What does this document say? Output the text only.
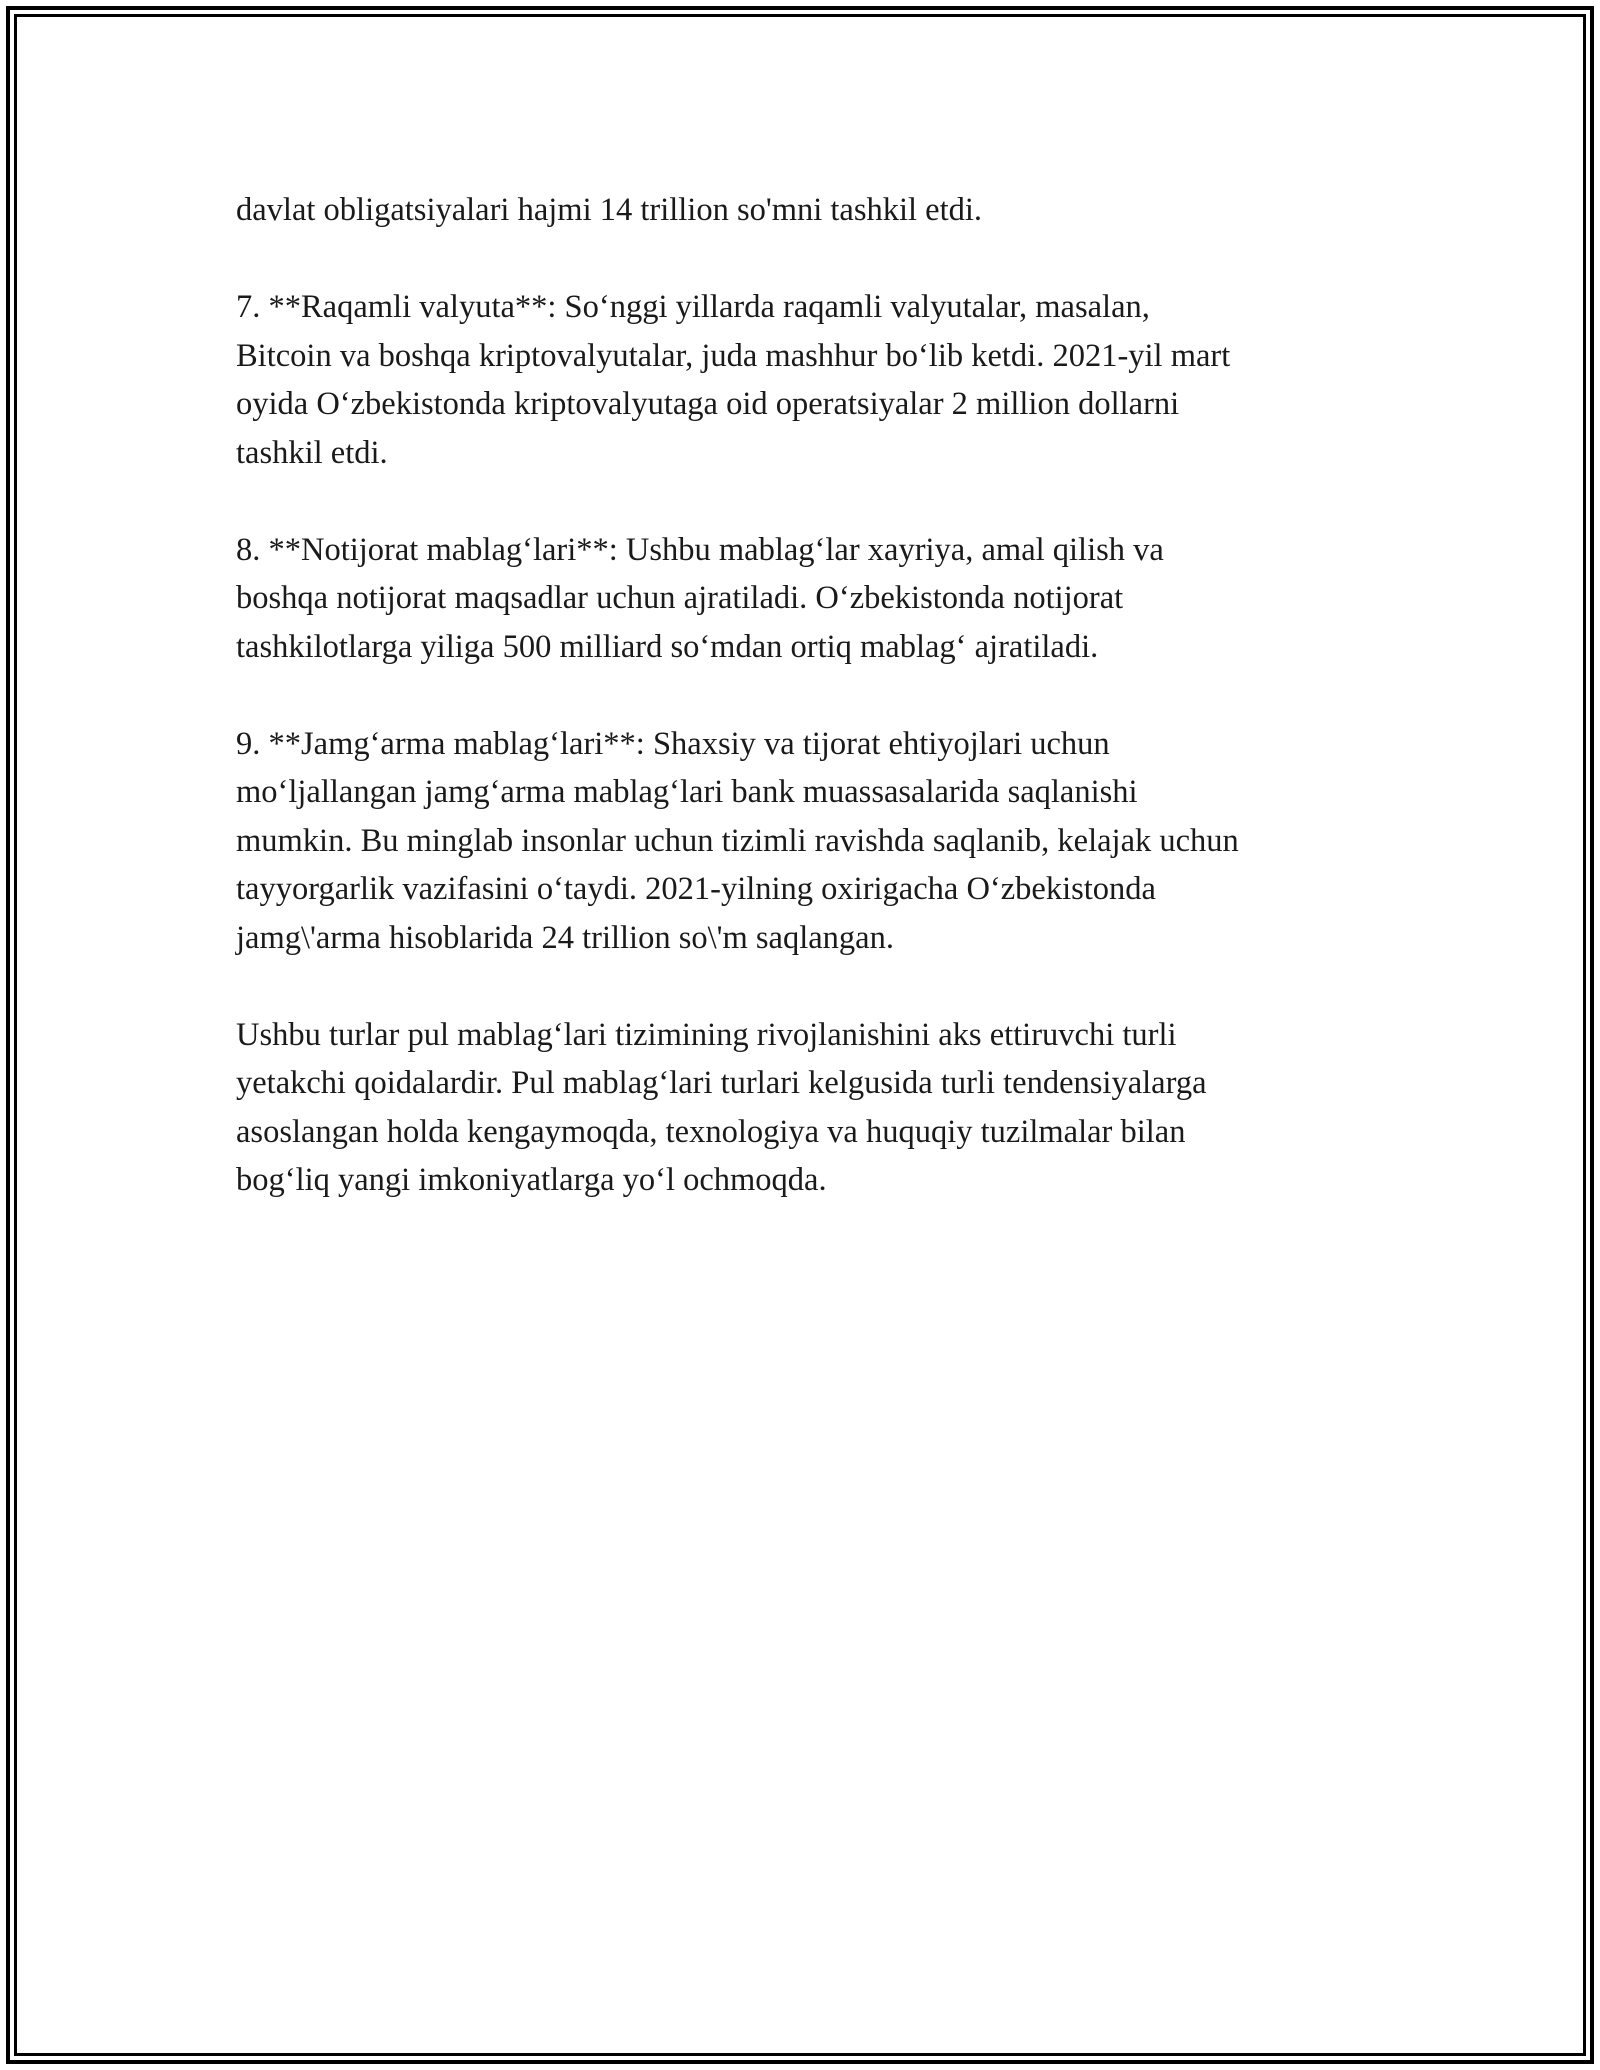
davlat obligatsiyalari hajmi 14 trillion so'mni tashkil etdi.

7. **Raqamli valyuta**: So‘nggi yillarda raqamli valyutalar, masalan,
Bitcoin va boshqa kriptovalyutalar, juda mashhur bo‘lib ketdi. 2021-yil mart
oyida O‘zbekistonda kriptovalyutaga oid operatsiyalar 2 million dollarni
tashkil etdi.

8. **Notijorat mablag‘lari**: Ushbu mablag‘lar xayriya, amal qilish va
boshqa notijorat maqsadlar uchun ajratiladi. O‘zbekistonda notijorat
tashkilotlarga yiliga 500 milliard so‘mdan ortiq mablag‘ ajratiladi.

9. **Jamg‘arma mablag‘lari**: Shaxsiy va tijorat ehtiyojlari uchun
mo‘ljallangan jamg‘arma mablag‘lari bank muassasalarida saqlanishi
mumkin. Bu minglab insonlar uchun tizimli ravishda saqlanib, kelajak uchun
tayyorgarlik vazifasini o‘taydi. 2021-yilning oxirigacha O‘zbekistonda
jamg\'arma hisoblarida 24 trillion so\'m saqlangan.

Ushbu turlar pul mablag‘lari tizimining rivojlanishini aks ettiruvchi turli
yetakchi qoidalardir. Pul mablag‘lari turlari kelgusida turli tendensiyalarga
asoslangan holda kengaymoqda, texnologiya va huquqiy tuzilmalar bilan
bog‘liq yangi imkoniyatlarga yo‘l ochmoqda.
